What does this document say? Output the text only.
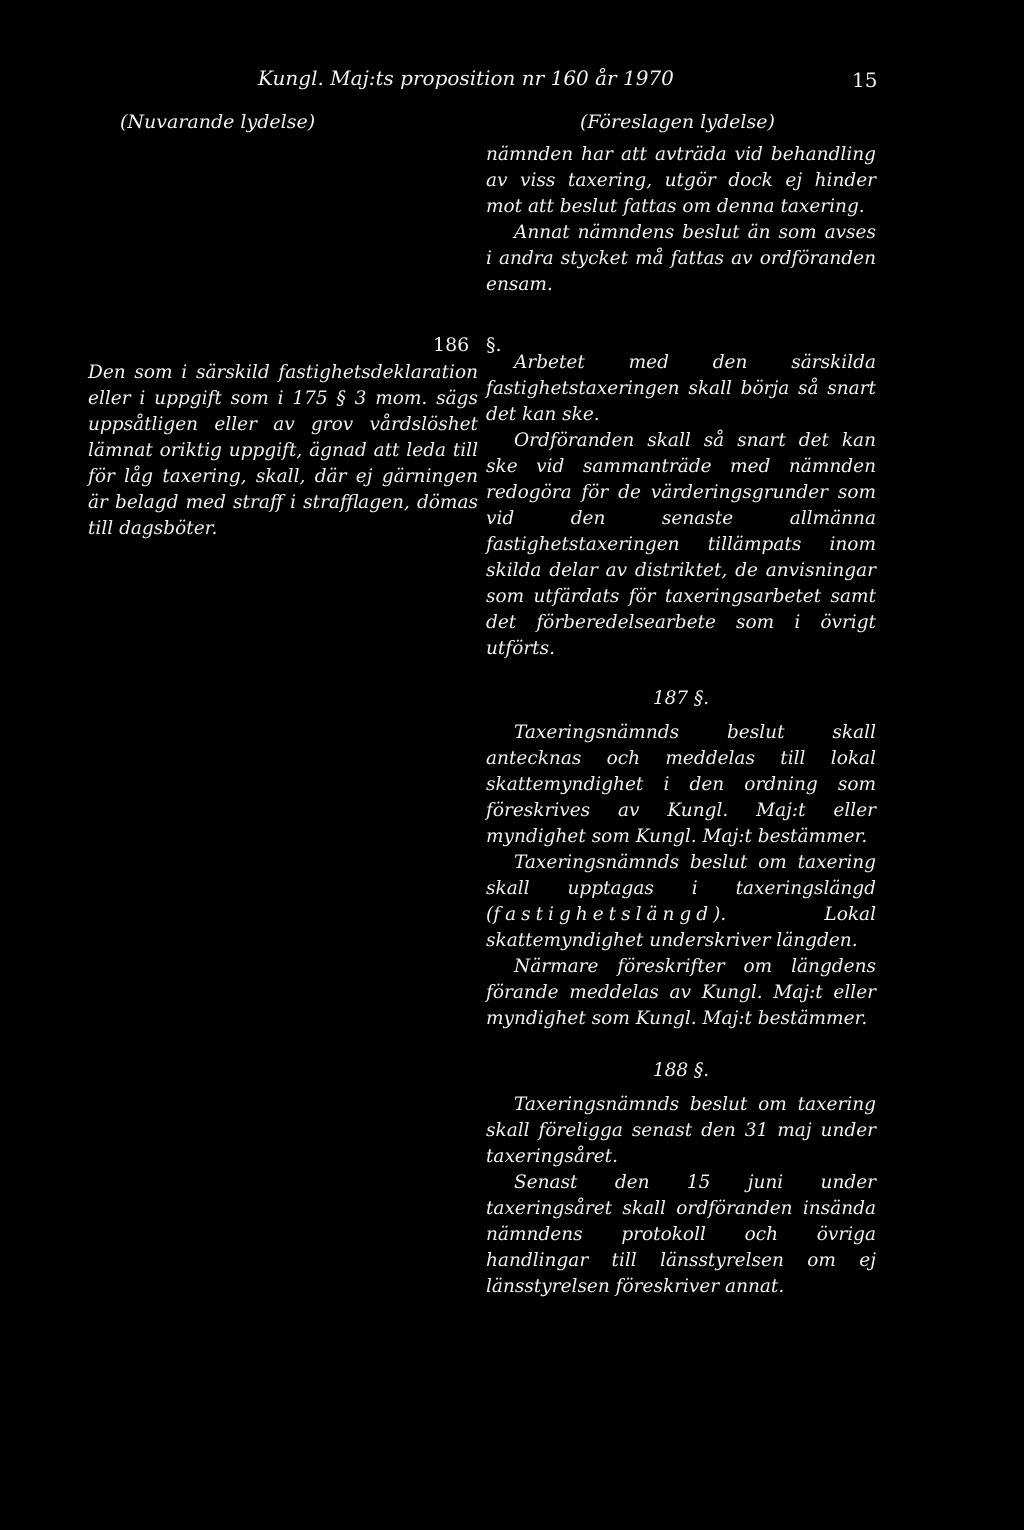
Kungl. Maj:ts proposition nr 160 år 1970	15
(Nuvarande lydelse)	(Föreslagen lydelse)

Den som i särskild fastighetsdeklaration eller i uppgift som i 175 § 3 mom. sägs uppsåtligen eller av grov vårdslöshet lämnat oriktig uppgift, ägnad att leda till för låg taxering, skall, där ej gärningen är belagd med straff i strafflagen, dömas till dagsböter.

186 §.

nämnden har att avträda vid behandling av viss taxering, utgör dock ej hinder mot att beslut fattas om denna taxering.

Annat nämndens beslut än som avses i andra stycket må fattas av ordföranden ensam.

Arbetet med den särskilda fastighetstaxeringen skall börja så snart det kan ske.

Ordföranden skall så snart det kan ske vid sammanträde med nämnden redogöra för de värderingsgrunder som vid den senaste allmänna fastighetstaxeringen tillämpats inom skilda delar av distriktet, de anvisningar som utfärdats för taxeringsarbetet samt det förberedelsearbete som i övrigt utförts.

187 §.

Taxeringsnämnds beslut skall antecknas och meddelas till lokal skattemyndighet i den ordning som föreskrives av Kungl. Maj:t eller myndighet som Kungl. Maj:t bestämmer.

Taxeringsnämnds beslut om taxering skall upptagas i taxeringslängd (fastighetslängd). Lokal skattemyndighet underskriver längden.

Närmare föreskrifter om längdens förande meddelas av Kungl. Maj:t eller myndighet som Kungl. Maj:t bestämmer.

188 §.

Taxeringsnämnds beslut om taxering skall föreligga senast den 31 maj under taxeringsåret.

Senast den 15 juni under taxeringsåret skall ordföranden insända nämndens protokoll och övriga handlingar till länsstyrelsen om ej länsstyrelsen föreskriver annat.
